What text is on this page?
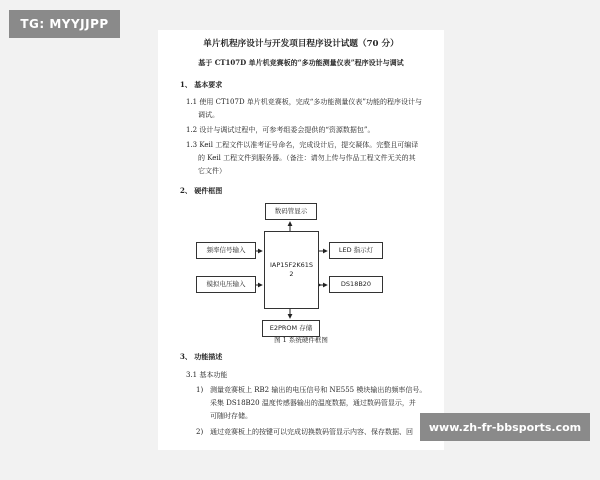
TG: MYYJJPP
单片机程序设计与开发项目程序设计试题（70 分）
基于 CT107D 单片机竞赛板的“多功能测量仪表”程序设计与调试
1、 基本要求
1.1 使用 CT107D 单片机竞赛板，完成“多功能测量仪表”功能的程序设计与
调试。
1.2 设计与调试过程中，可参考组委会提供的“资源数据包”。
1.3 Keil 工程文件以准考证号命名，完成设计后，提交凝体。完整且可编译
的 Keil 工程文件到服务器。（备注：请勿上传与作品工程文件无关的其
它文件）
2、 硬件框图
数码管显示
频率信号输入
模拟电压输入
IAP15F2K61S2
LED 指示灯
DS18B20
E2PROM 存储
图 1 系统硬件框图
3、 功能描述
3.1 基本功能
1) 测量竞赛板上 RB2 输出的电压信号和 NE555 模块输出的频率信号。
采集 DS18B20 温度传感器输出的温度数据，通过数码管显示，并
可随时存储。
2) 通过竞赛板上的按键可以完成切换数码管显示内容、保存数据、回	www.zh-fr-bbsports.com
